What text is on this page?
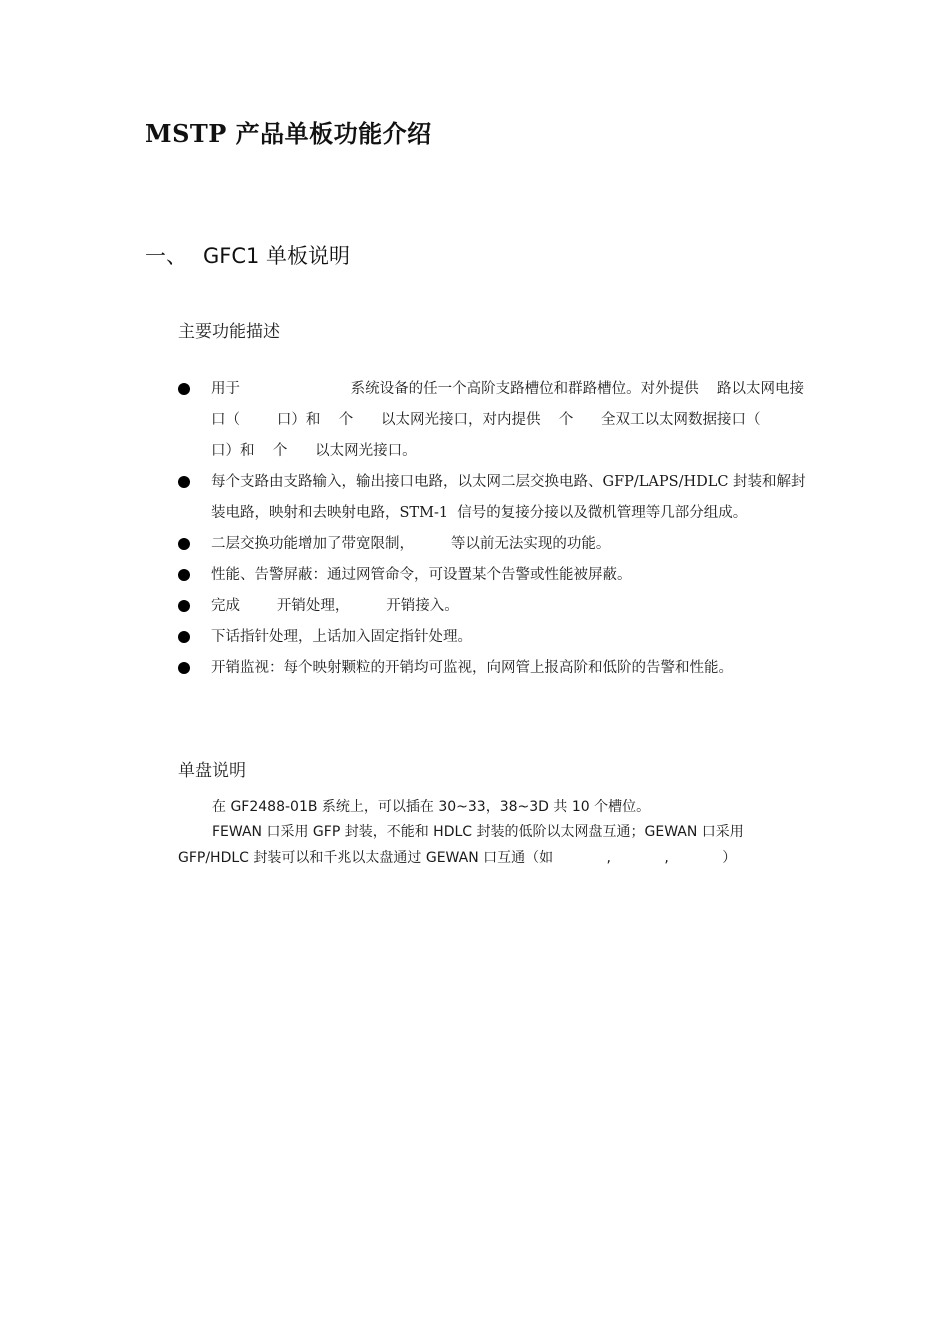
MSTP 产品单板功能介绍
一、 GFC1 单板说明
主要功能描述
用于                        系统设备的任一个高阶支路槽位和群路槽位。对外提供    路以太网电接口（        口）和    个      以太网光接口，对内提供    个      全双工以太网数据接口（        口）和    个      以太网光接口。
每个支路由支路输入，输出接口电路，以太网二层交换电路、GFP/LAPS/HDLC 封装和解封装电路，映射和去映射电路，STM-1  信号的复接分接以及微机管理等几部分组成。
二层交换功能增加了带宽限制，        等以前无法实现的功能。
性能、告警屏蔽：通过网管命令，可设置某个告警或性能被屏蔽。
完成        开销处理，        开销接入。
下话指针处理，上话加入固定指针处理。
开销监视：每个映射颗粒的开销均可监视，向网管上报高阶和低阶的告警和性能。
单盘说明

在 GF2488-01B 系统上，可以插在 30~33，38~3D 共 10 个槽位。

FEWAN 口采用 GFP 封装，不能和 HDLC 封装的低阶以太网盘互通；GEWAN 口采用 GFP/HDLC 封装可以和千兆以太盘通过 GEWAN 口互通（如            ,            ,            ）
